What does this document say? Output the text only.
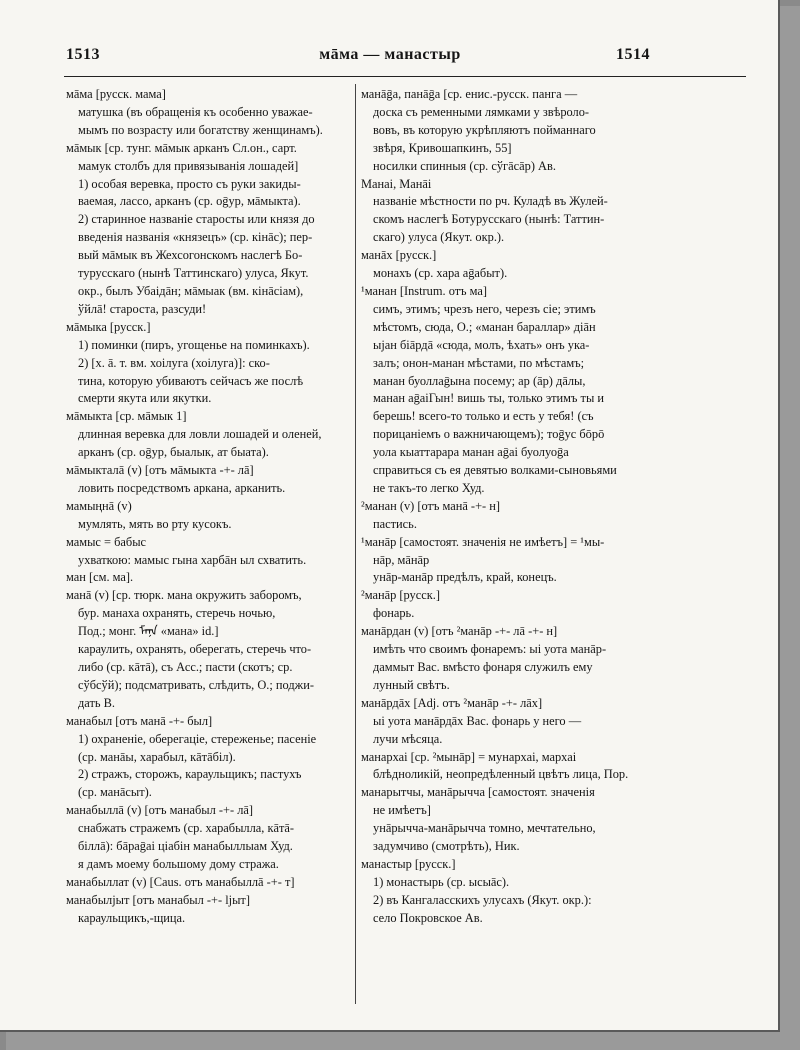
1513	мāма — манастыр	1514
мāма [русск. мама]
матушка (въ обращенія къ особенно уважае-
мымъ по возрасту или богатству женщинамъ).
мāмык [ср. тунг. мāмык арканъ Сл.он., сарт.
мамук столбъ для привязыванія лошадей]
1) особая веревка, просто съ руки закиды-
ваемая, лассо, арканъ (ср. оḡур, мāмыкта).
2) старинное названіе старосты или князя до
введенія названія «князецъ» (ср. кінāс); пер-
вый мāмык въ Жехсогонскомъ наслегѣ Бо-
туруcскаго (нынѣ Таттинскаго) улуса, Якут.
окр., былъ Убаiдāн; мāмыак (вм. кінāсiам),
ўйлā! староста, разсуди!
мāмыка [русск.]
1) поминки (пиръ, угощенье на поминкахъ).
2) [х. ā. т. вм. хоiлуга (хоiлуга)]: ско-
тина, которую убиваютъ сейчасъ же послѣ
смерти якута или якутки.
мāмыкта [ср. мāмык 1]
длинная веревка для ловли лошадей и оленей,
арканъ (ср. оḡур, быалык, ат быата).
мāмыкталā (v) [отъ мāмыкта -+- лā]
ловить посредствомъ аркана, арканить.
мамыңнā (v)
мумлять, мять во рту кусокъ.
мамыс = бабыс
ухваткою: мамыс гына харбāн ыл схватить.
ман [см. ма].
манā (v) [ср. тюрк. мана окружить заборомъ,
бур. манаха охранять, стеречь ночью,
Под.; монг. ᠮᠠᠨᠠ «мана» id.]
караулить, охранять, оберегать, стеречь что-
либо (ср. кāтā), съ Асс.; пасти (скотъ; ср.
сўбсўй); подсматривать, слѣдить, О.; поджи-
дать В.
манабыл [отъ манā -+- был]
1) охраненіе, оберегаціе, стереженье; пасеніе
(ср. манāы, харабыл, кāтāбiл).
2) стражъ, сторожъ, караульщикъ; пастухъ
(ср. манāсыт).
манабыллā (v) [отъ манабыл -+- лā]
снабжать стражемъ (ср. харабылла, кāтā-
біллā): бāраḡаi ціабiн манабыллыам Худ.
я дамъ моему большому дому стража.
манабыллат (v) [Caus. отъ манабыллā -+- т]
манабылјыт [отъ манабыл -+- lјыт]
караульщикъ,-щица.
манāḡа, панāḡа [ср. енис.-русск. панга —
доска съ ременными лямками у звѣроло-
вовъ, въ которую укрѣпляютъ пойманнаго
звѣря, Кривошапкинъ, 55]
носилки спинныя (ср. сўгāсāр) Ав.
Манаi, Манāі
названіе мѣстности по рч. Куладѣ въ Жулей-
скомъ наслегѣ Ботурусскаго (нынѣ: Таттин-
скаго) улуса (Якут. окр.).
манāх [русск.]
монахъ (ср. хара аḡабыт).
¹манан [Instrum. отъ ма]
симъ, этимъ; чрезъ него, черезъ сіе; этимъ
мѣстомъ, сюда, О.; «манан бараллар» дiāн
ыjан бiāрдā «сюда, молъ, ѣхать» онъ ука-
залъ; онон-манан мѣстами, по мѣстамъ;
манан буоллаḡына посему; ар (āр) дāлы,
манан аḡаіГын! вишь ты, только этимъ ты и
берешь! всего-то только и есть у тебя! (съ
порицаніемъ о важничающемъ); тоḡус бōрō
уола кыаттарара манан аḡаі буолуоḡа
справиться съ ея девятью волками-сыновьями
не такъ-то легко Худ.
²манан (v) [отъ манā -+- н]
пастись.
¹манāр [самостоят. значенія не имѣетъ] = ¹мы-
нāр, мāнāр
унāр-манāр предѣлъ, край, конецъ.
²манāр [русск.]
фонарь.
манāрдан (v) [отъ ²манāр -+- лā -+- н]
имѣть что своимъ фонаремъ: ыi уота манāр-
даммыт Вас. вмѣсто фонаря служилъ ему
лунный свѣтъ.
манāрдāх [Adj. отъ ²манāр -+- лāх]
ыi уота манāрдāх Вас. фонарь у него —
лучи мѣсяца.
манархаі [ср. ²мынāр] = мунархаі, мархаі
блѣдноликій, неопредѣленный цвѣтъ лица, Пор.
манарытчы, манāрычча [самостоят. значенія
не имѣетъ]
унāрычча-манāрычча томно, мечтательно,
задумчиво (смотрѣть), Ник.
манастыр [русск.]
1) монастырь (ср. ысыāс).
2) въ Кангаласскихъ улусахъ (Якут. окр.):
село Покровское Ав.
